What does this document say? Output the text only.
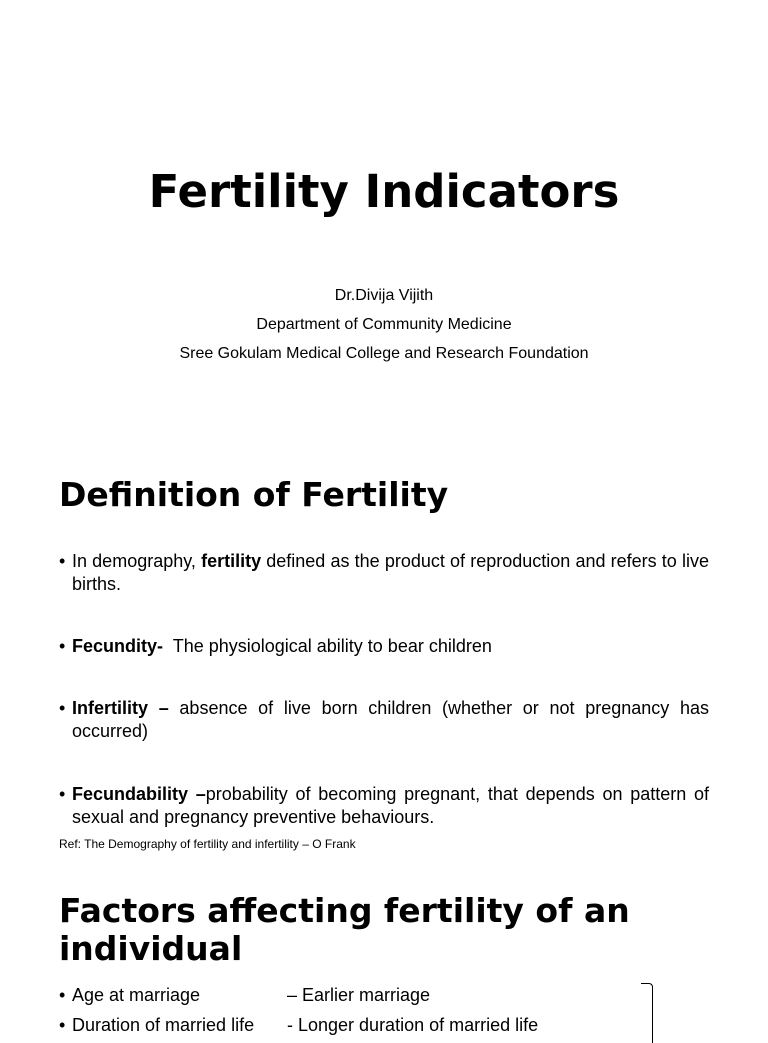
Fertility Indicators
Dr.Divija Vijith
Department of Community Medicine
Sree Gokulam Medical College and Research Foundation
Definition of Fertility
• In demography, fertility defined as the product of reproduction and refers to live births.
• Fecundity-  The physiological ability to bear children
• Infertility – absence of live born children (whether or not pregnancy has occurred)
• Fecundability –probability of becoming pregnant, that depends on pattern of sexual and pregnancy preventive behaviours.
Ref: The Demography of fertility and infertility – O Frank
Factors affecting fertility of an individual
• Age at marriage	– Earlier marriage
• Duration of married life - Longer duration of married life
